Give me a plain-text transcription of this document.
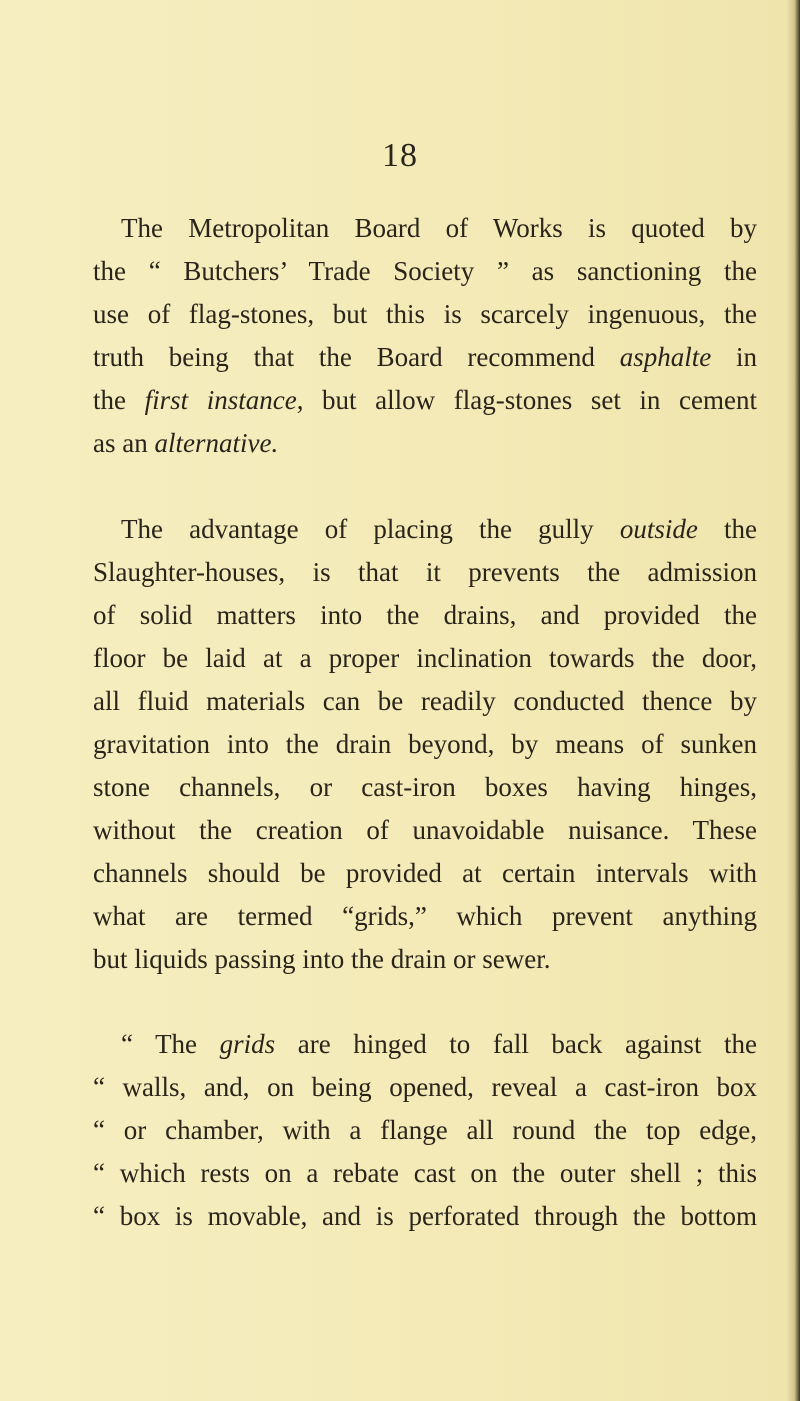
18
The Metropolitan Board of Works is quoted by
the “ Butchers’ Trade Society ” as sanctioning the
use of flag-stones, but this is scarcely ingenuous, the
truth being that the Board recommend asphalte in
the first instance, but allow flag-stones set in cement
as an alternative.
The advantage of placing the gully outside the
Slaughter-houses, is that it prevents the admission
of solid matters into the drains, and provided the
floor be laid at a proper inclination towards the door,
all fluid materials can be readily conducted thence by
gravitation into the drain beyond, by means of sunken
stone channels, or cast-iron boxes having hinges,
without the creation of unavoidable nuisance. These
channels should be provided at certain intervals with
what are termed “grids,” which prevent anything
but liquids passing into the drain or sewer.
“ The grids are hinged to fall back against the
“ walls, and, on being opened, reveal a cast-iron box
“ or chamber, with a flange all round the top edge,
“ which rests on a rebate cast on the outer shell ; this
“ box is movable, and is perforated through the bottom
